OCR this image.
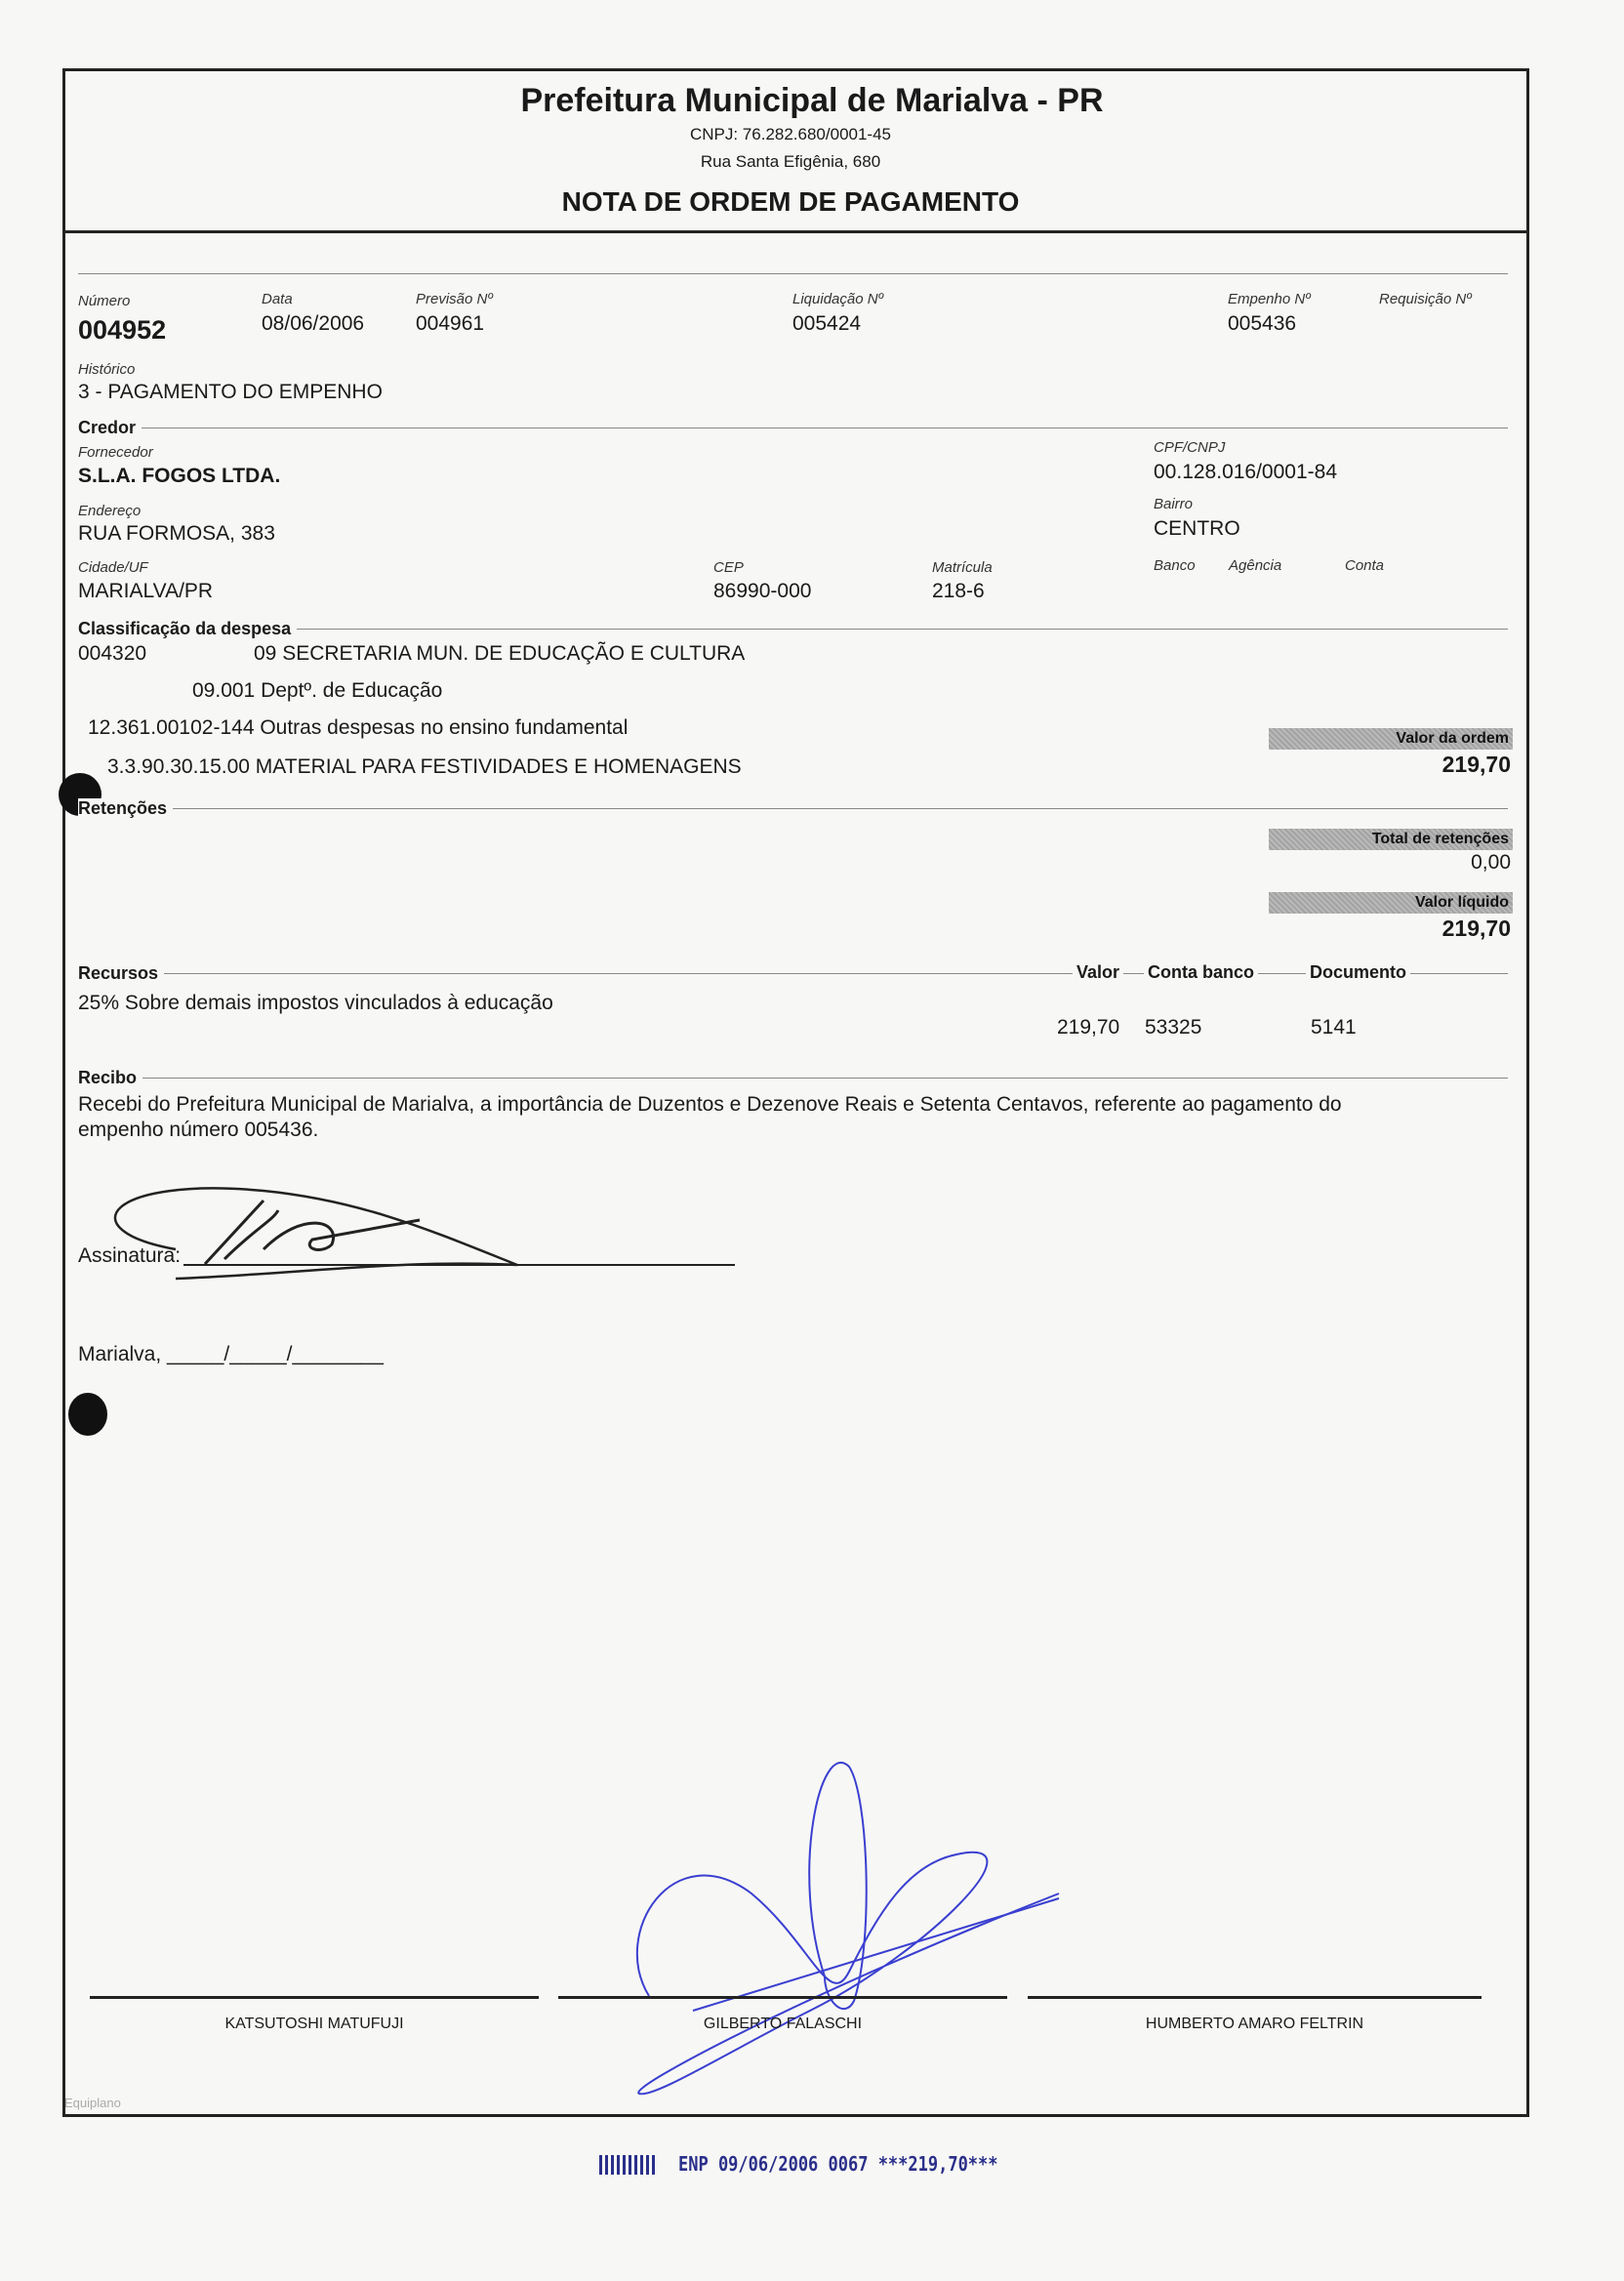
Prefeitura Municipal de Marialva - PR
CNPJ: 76.282.680/0001-45
Rua Santa Efigênia, 680
NOTA DE ORDEM DE PAGAMENTO
Número
004952
Data
08/06/2006
Previsão Nº
004961
Liquidação Nº
005424
Empenho Nº
005436
Requisição Nº
Histórico
3 - PAGAMENTO DO EMPENHO
Credor
Fornecedor
S.L.A. FOGOS LTDA.
CPF/CNPJ
00.128.016/0001-84
Endereço
RUA FORMOSA, 383
Bairro
CENTRO
Cidade/UF
MARIALVA/PR
CEP
86990-000
Matrícula
218-6
Banco Agência	Conta
Classificação da despesa
004320	09 SECRETARIA MUN. DE EDUCAÇÃO E CULTURA
09.001 Deptº. de Educação
12.361.00102-144 Outras despesas no ensino fundamental
3.3.90.30.15.00 MATERIAL PARA FESTIVIDADES E HOMENAGENS
Valor da ordem
219,70
Retenções
Total de retenções
0,00
Valor líquido
219,70
Recursos	Valor Conta banco	Documento
25% Sobre demais impostos vinculados à educação
219,70 53325	5141
Recibo
Recebi do Prefeitura Municipal de Marialva, a importância de Duzentos e Dezenove Reais e Setenta Centavos, referente ao pagamento do
empenho número 005436.
Assinatura:
Marialva, _____/_____/________
KATSUTOSHI MATUFUJI	GILBERTO FALASCHI	HUMBERTO AMARO FELTRIN
Equiplano
ENP 09/06/2006 0067 ***219,70***
